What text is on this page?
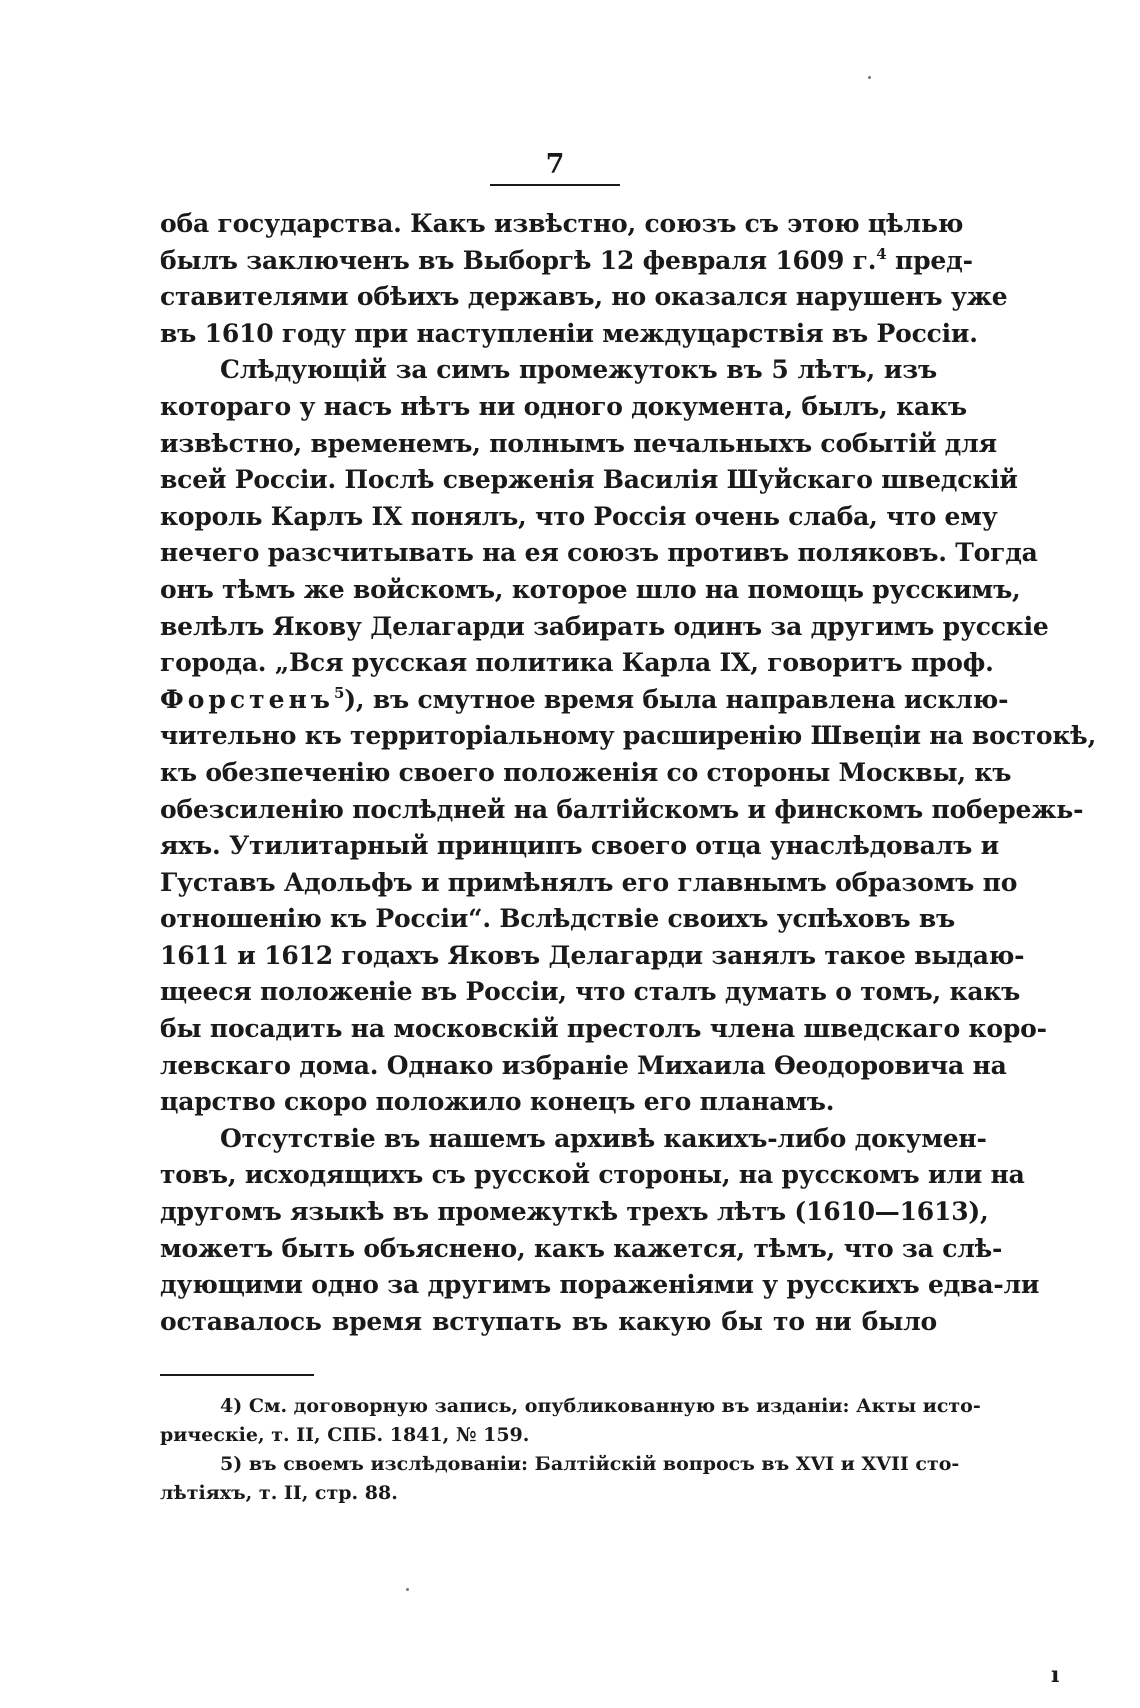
7
оба государства. Какъ извѣстно, союзъ съ этою цѣлью
былъ заключенъ въ Выборгѣ 12 февраля 1609 г.$^4$ пред-
ставителями обѣихъ державъ, но оказался нарушенъ уже
въ 1610 году при наступленіи междуцарствія въ Россіи.
Слѣдующій за симъ промежутокъ въ 5 лѣтъ, изъ
котораго у насъ нѣтъ ни одного документа, былъ, какъ
извѣстно, временемъ, полнымъ печальныхъ событій для
всей Россіи. Послѣ сверженія Василія Шуйскаго шведскій
король Карлъ IX понялъ, что Россія очень слаба, что ему
нечего разсчитывать на ея союзъ противъ поляковъ. Тогда
онъ тѣмъ же войскомъ, которое шло на помощь русскимъ,
велѣлъ Якову Делагарди забирать одинъ за другимъ русскіе
города. „Вся русская политика Карла IX, говоритъ проф.
Форстенъ$^5$), въ смутное время была направлена исклю-
чительно къ территоріальному расширенію Швеціи на востокѣ,
къ обезпеченію своего положенія со стороны Москвы, къ
обезсиленію послѣдней на балтійскомъ и финскомъ побережь-
яхъ. Утилитарный принципъ своего отца унаслѣдовалъ и
Густавъ Адольфъ и примѣнялъ его главнымъ образомъ по
отношенію къ Россіи“. Вслѣдствіе своихъ успѣховъ въ
1611 и 1612 годахъ Яковъ Делагарди занялъ такое выдаю-
щееся положеніе въ Россіи, что сталъ думать о томъ, какъ
бы посадить на московскій престолъ члена шведскаго коро-
левскаго дома. Однако избраніе Михаила Ѳеодоровича на
царство скоро положило конецъ его планамъ.
Отсутствіе въ нашемъ архивѣ какихъ-либо докумен-
товъ, исходящихъ съ русской стороны, на русскомъ или на
другомъ языкѣ въ промежуткѣ трехъ лѣтъ (1610—1613),
можетъ быть объяснено, какъ кажется, тѣмъ, что за слѣ-
дующими одно за другимъ пораженіями у русскихъ едва-ли
оставалось время вступать въ какую бы то ни было
4) См. договорную запись, опубликованную въ изданіи: Акты исто-
рическіе, т. II, СПБ. 1841, № 159.
5) въ своемъ изслѣдованіи: Балтійскій вопросъ въ XVI и XVII сто-
лѣтіяхъ, т. II, стр. 88.
ı
